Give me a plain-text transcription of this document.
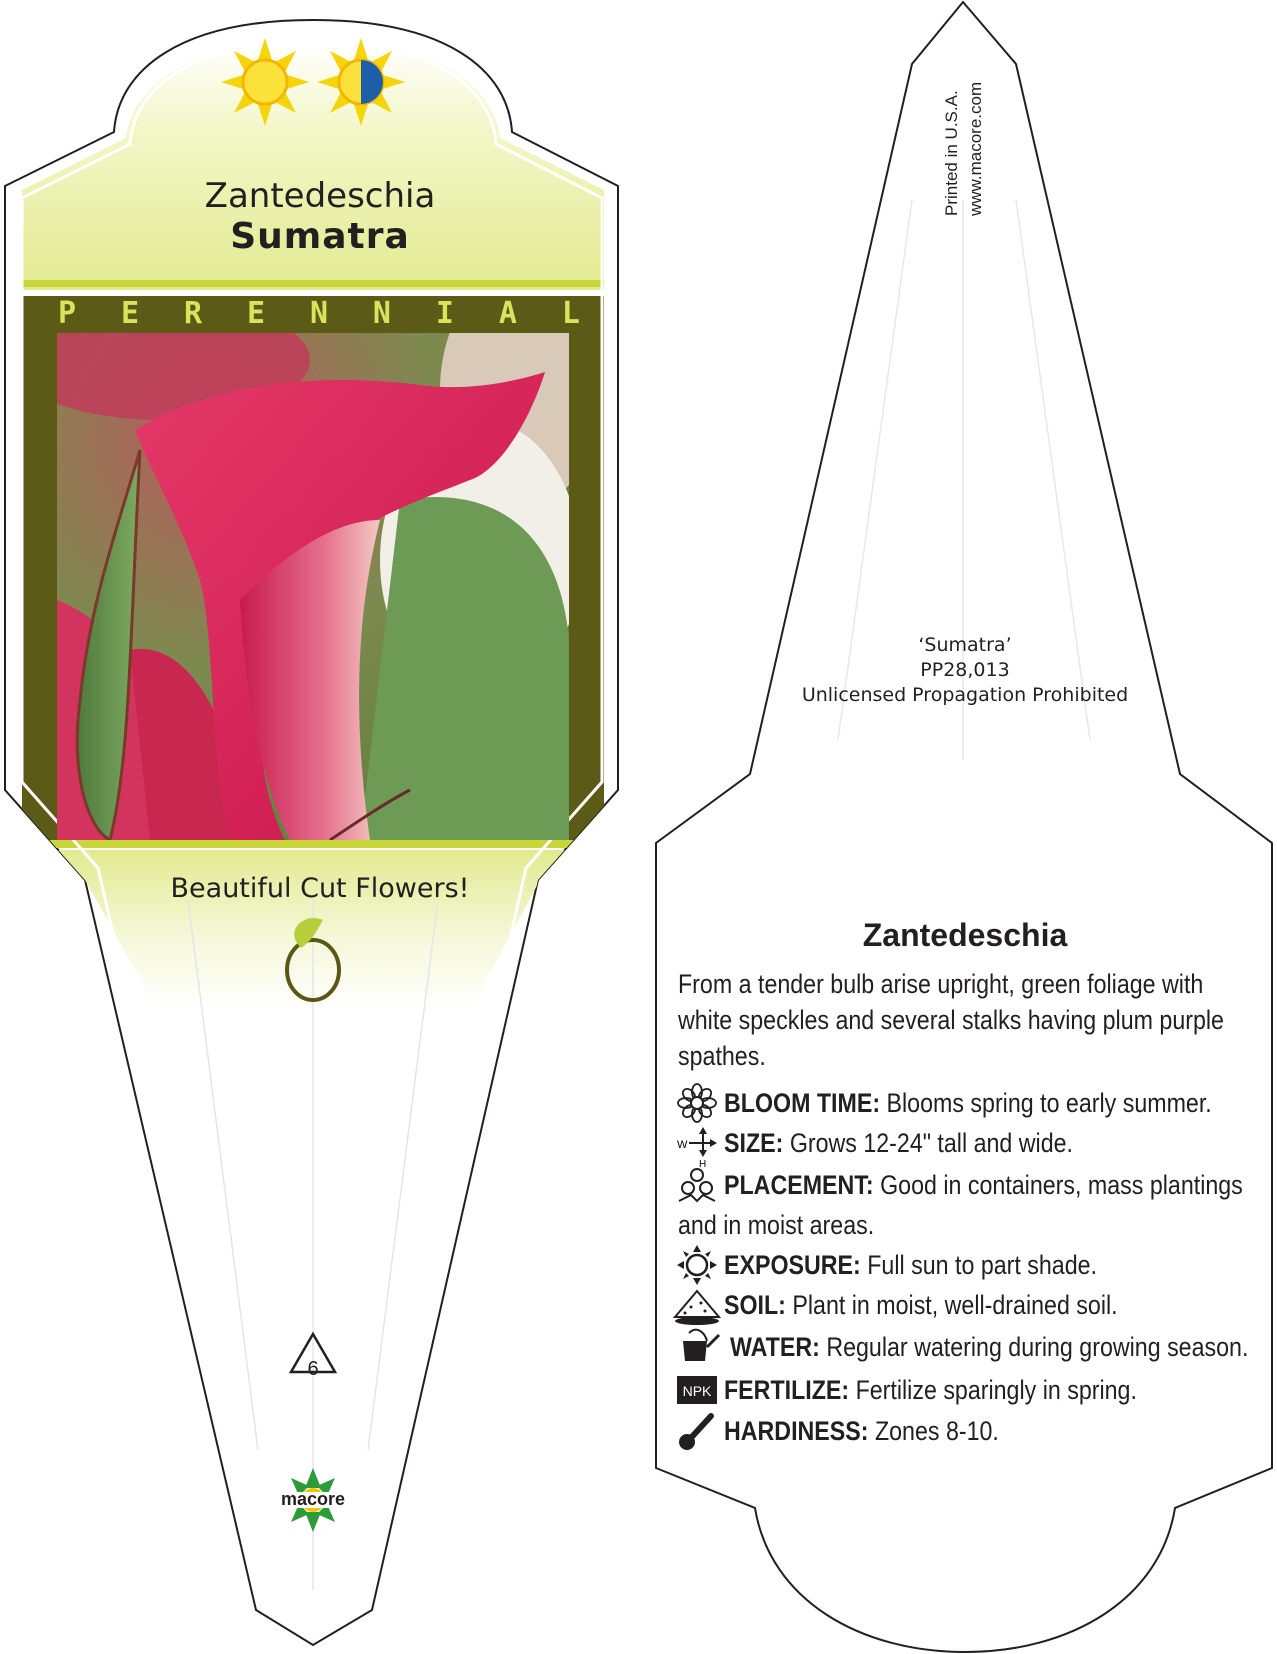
W
H
NPK
Zantedeschia
Sumatra
P E R E N N I A L
Beautiful Cut Flowers!
6
macore
Printed in U.S.A. www.macore.com
‘Sumatra’
PP28,013
Unlicensed Propagation Prohibited
Zantedeschia
From a tender bulb arise upright, green foliage with
white speckles and several stalks having plum purple
spathes.
BLOOM TIME: Blooms spring to early summer.
SIZE: Grows 12-24" tall and wide.
PLACEMENT: Good in containers, mass plantings
and in moist areas.
EXPOSURE: Full sun to part shade.
SOIL: Plant in moist, well-drained soil.
WATER: Regular watering during growing season.
FERTILIZE: Fertilize sparingly in spring.
HARDINESS: Zones 8-10.
